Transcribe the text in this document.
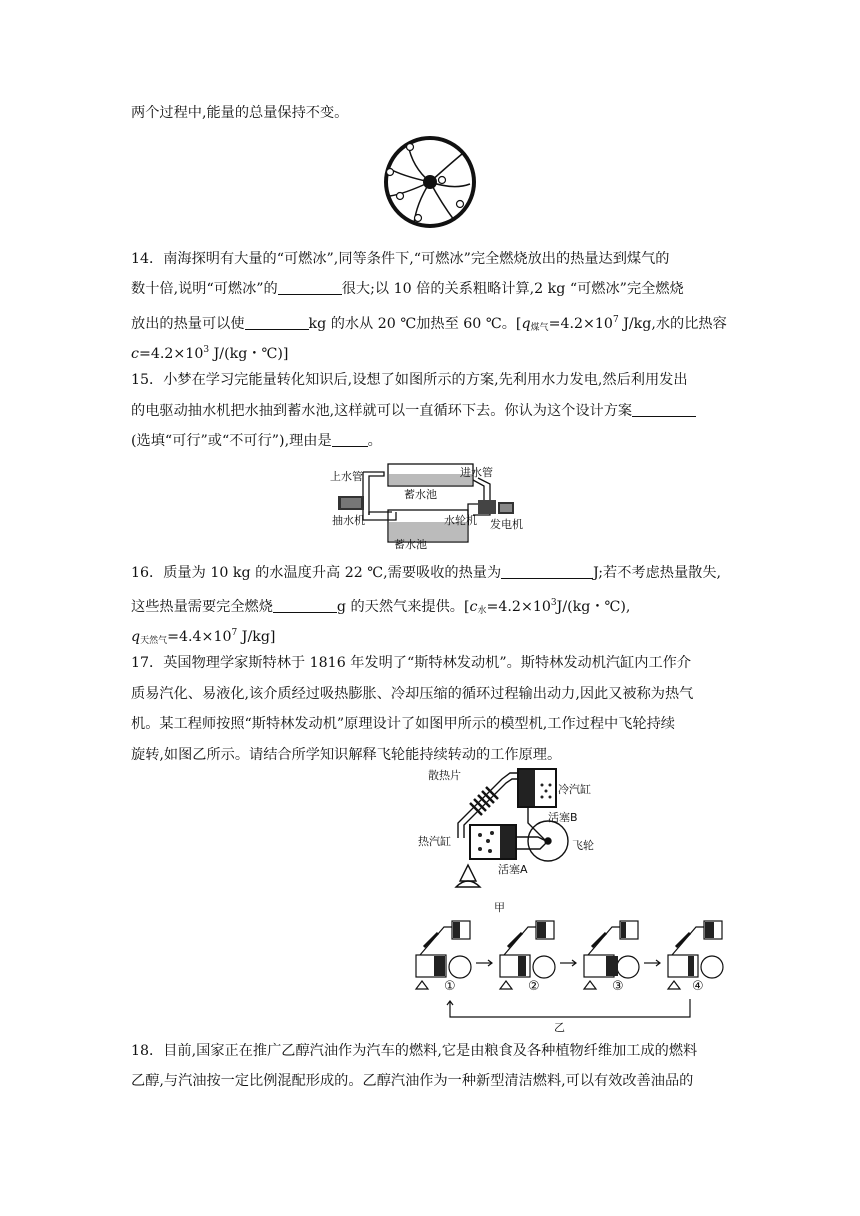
两个过程中,能量的总量保持不变。
14．南海探明有大量的“可燃冰”,同等条件下,“可燃冰”完全燃烧放出的热量达到煤气的
数十倍,说明“可燃冰”的	很大;以 10 倍的关系粗略计算,2 kg “可燃冰”完全燃烧
放出的热量可以使	kg 的水从 20 ℃加热至 60 ℃。[$q_{煤气}=4.2\times 10^7$ J/kg,水的比热容
$c=4.2\times 10^3$ J/(kg・℃)]
15．小梦在学习完能量转化知识后,设想了如图所示的方案,先利用水力发电,然后利用发出
的电驱动抽水机把水抽到蓄水池,这样就可以一直循环下去。你认为这个设计方案
(选填“可行”或“不可行”),理由是	。
上水管	进水管
蓄水池
抽水机	水轮机 发电机
蓄水池
16．质量为 10 kg 的水温度升高 22 ℃,需要吸收的热量为	J;若不考虑热量散失,
这些热量需要完全燃烧	g 的天然气来提供。[$c_水=4.2\times 10^3J/(kg$・℃),
$q_{天然气}=4.4\times 10^7$ J/kg]
17．英国物理学家斯特林于 1816 年发明了“斯特林发动机”。斯特林发动机汽缸内工作介
质易汽化、易液化,该介质经过吸热膨胀、冷却压缩的循环过程输出动力,因此又被称为热气
机。某工程师按照“斯特林发动机”原理设计了如图甲所示的模型机,工作过程中飞轮持续
旋转,如图乙所示。请结合所学知识解释飞轮能持续转动的工作原理。
散热片
冷汽缸
活塞B
热汽缸	飞轮
活塞A
甲
①	②	③	④
乙
18．目前,国家正在推广乙醇汽油作为汽车的燃料,它是由粮食及各种植物纤维加工成的燃料
乙醇,与汽油按一定比例混配形成的。乙醇汽油作为一种新型清洁燃料,可以有效改善油品的
